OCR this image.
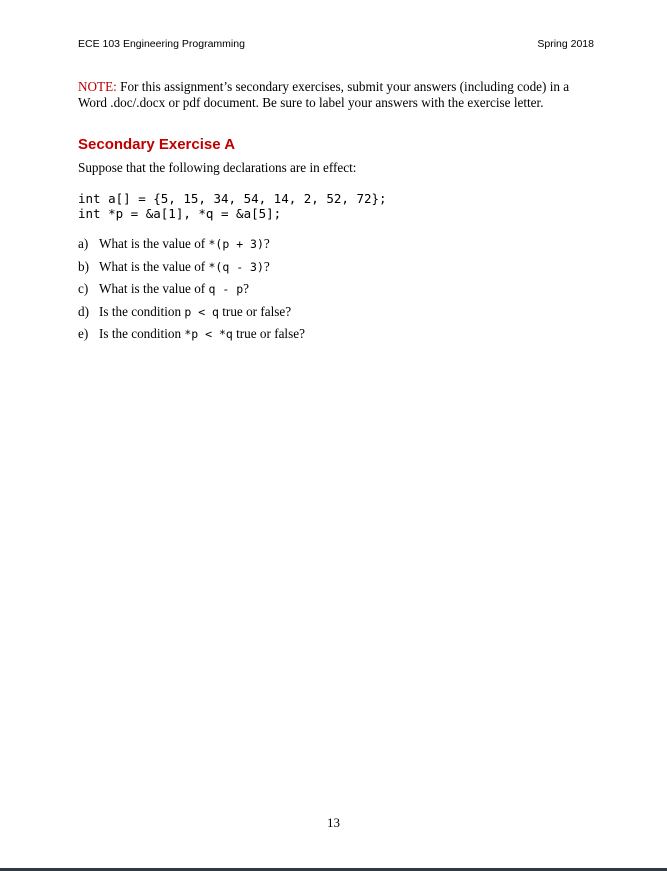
ECE 103 Engineering Programming	Spring 2018
NOTE: For this assignment’s secondary exercises, submit your answers (including code) in a Word .doc/.docx or pdf document. Be sure to label your answers with the exercise letter.
Secondary Exercise A
Suppose that the following declarations are in effect:
int a[] = {5, 15, 34, 54, 14, 2, 52, 72};
int *p = &a[1], *q = &a[5];
a) What is the value of *(p + 3)?
b) What is the value of *(q - 3)?
c) What is the value of q - p?
d) Is the condition p < q true or false?
e) Is the condition *p < *q true or false?
13
